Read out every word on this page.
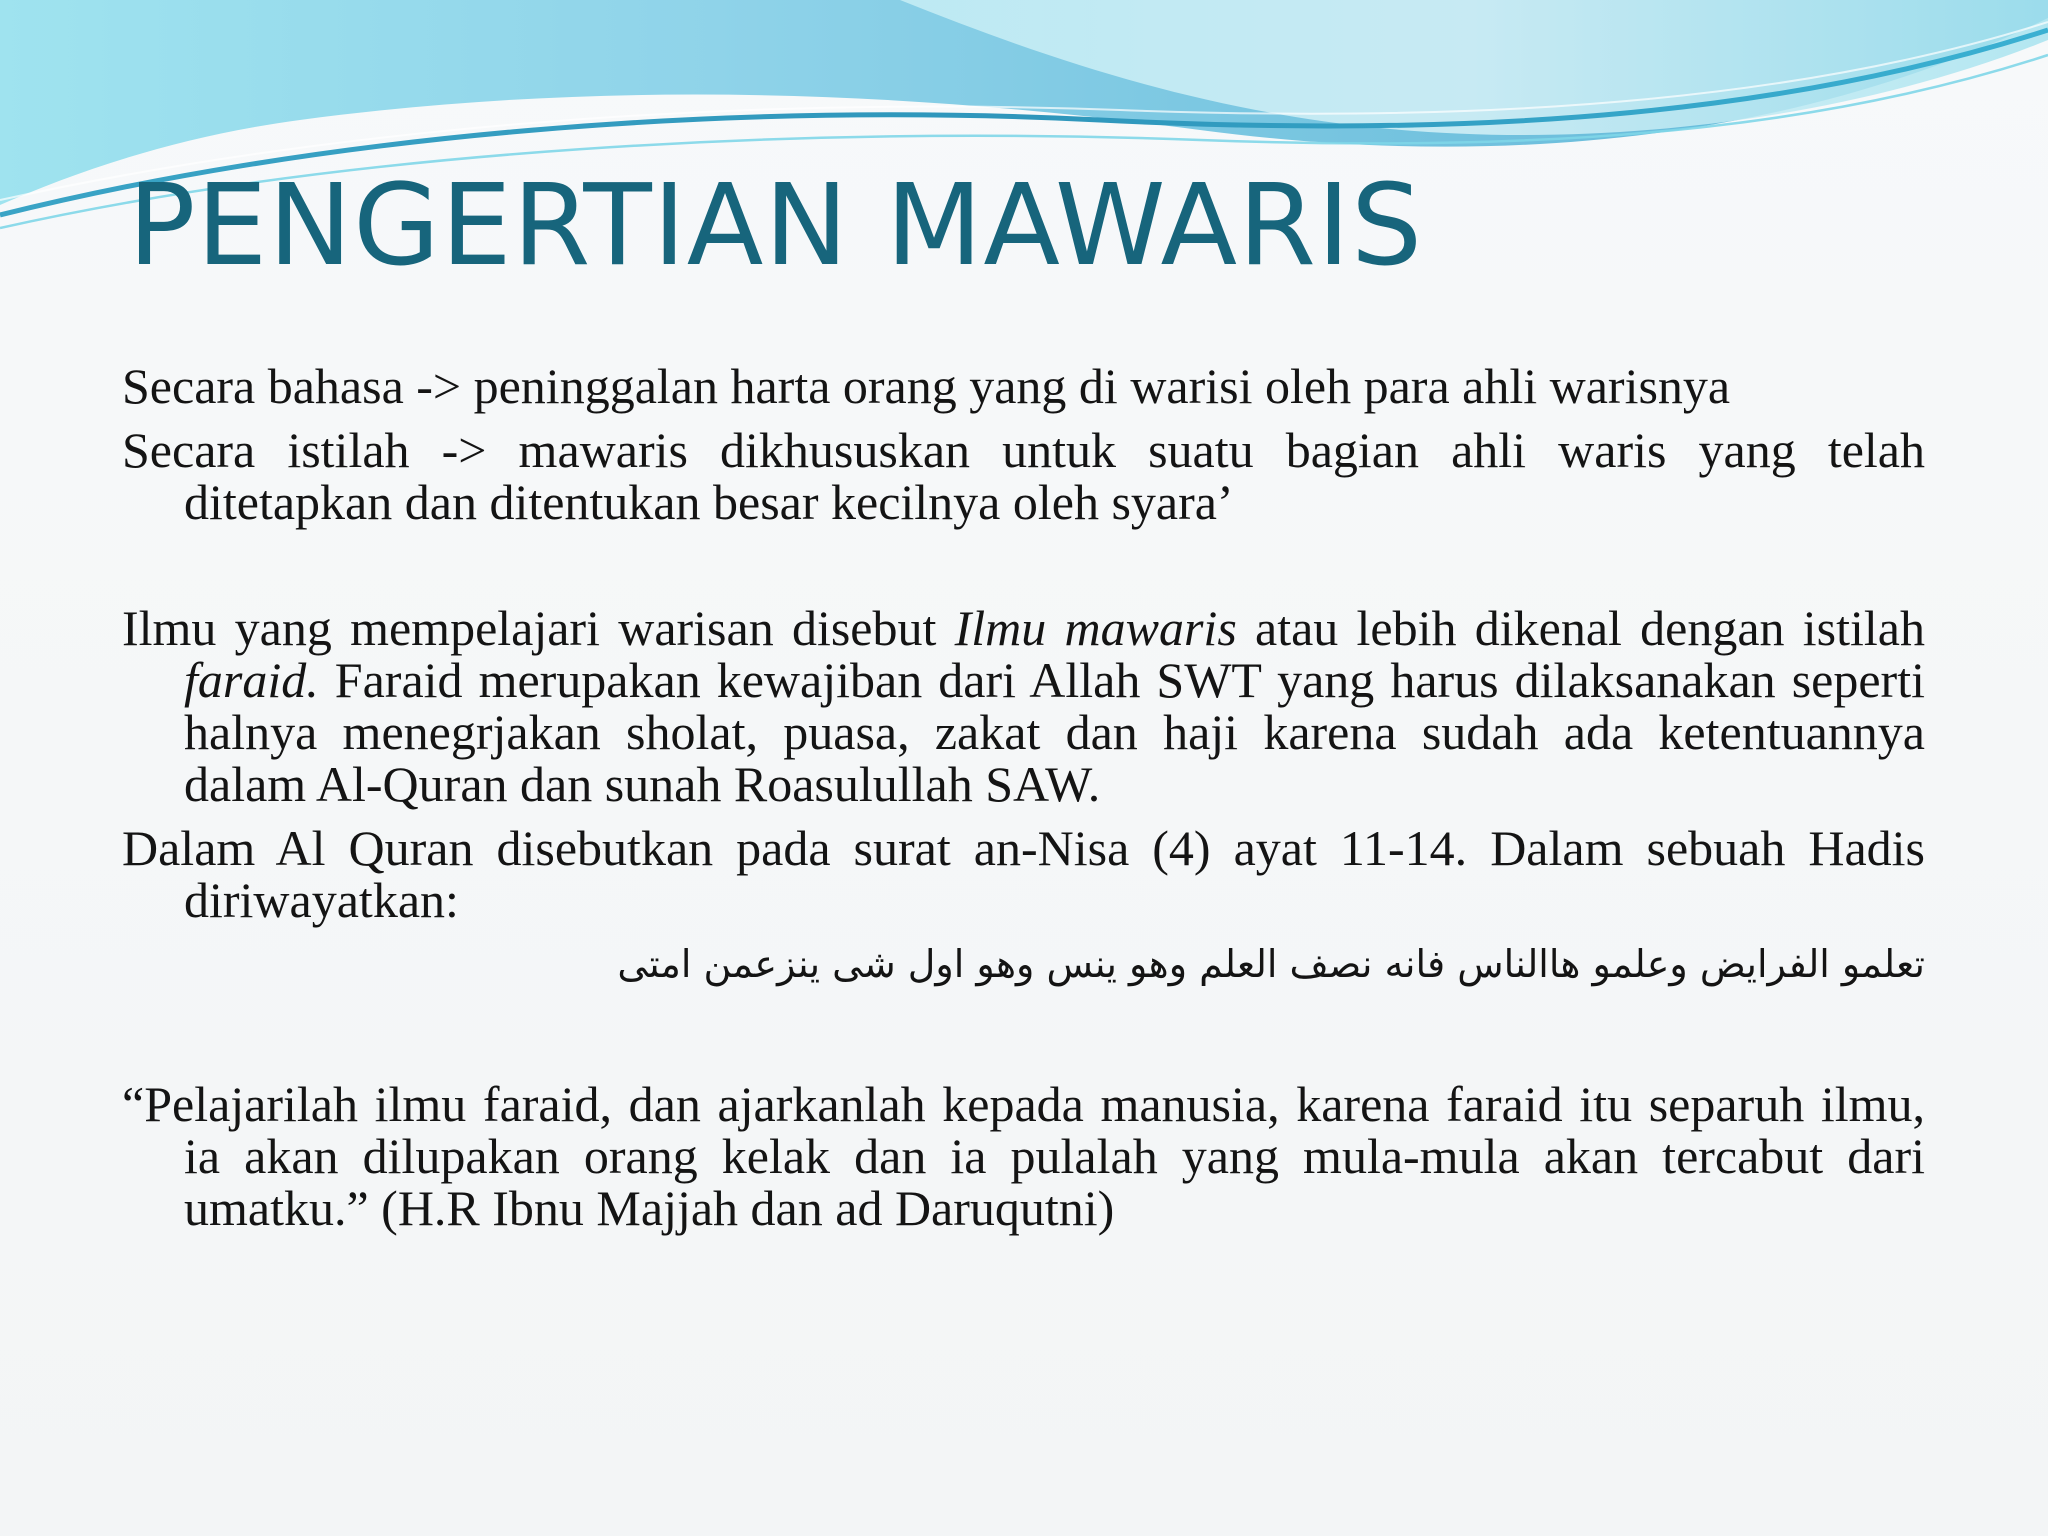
PENGERTIAN MAWARIS

Secara bahasa -> peninggalan harta orang yang di warisi oleh para ahli warisnya

Secara istilah -> mawaris dikhususkan untuk suatu bagian ahli waris yang telah ditetapkan dan ditentukan besar kecilnya oleh syara’

Ilmu yang mempelajari warisan disebut Ilmu mawaris atau lebih dikenal dengan istilah faraid. Faraid merupakan kewajiban dari Allah SWT yang harus dilaksanakan seperti halnya menegrjakan sholat, puasa, zakat dan haji karena sudah ada ketentuannya dalam Al-Quran dan sunah Roasulullah SAW.

Dalam Al Quran disebutkan pada surat an-Nisa (4) ayat 11-14. Dalam sebuah Hadis diriwayatkan:

تعلمو الفرايض وعلمو هاالناس فانه نصف العلم وهو ينس وهو اول شى ينزعمن امتى

“Pelajarilah ilmu faraid, dan ajarkanlah kepada manusia, karena faraid itu separuh ilmu, ia akan dilupakan orang kelak dan ia pulalah yang mula-mula akan tercabut dari umatku.” (H.R Ibnu Majjah dan ad Daruqutni)
